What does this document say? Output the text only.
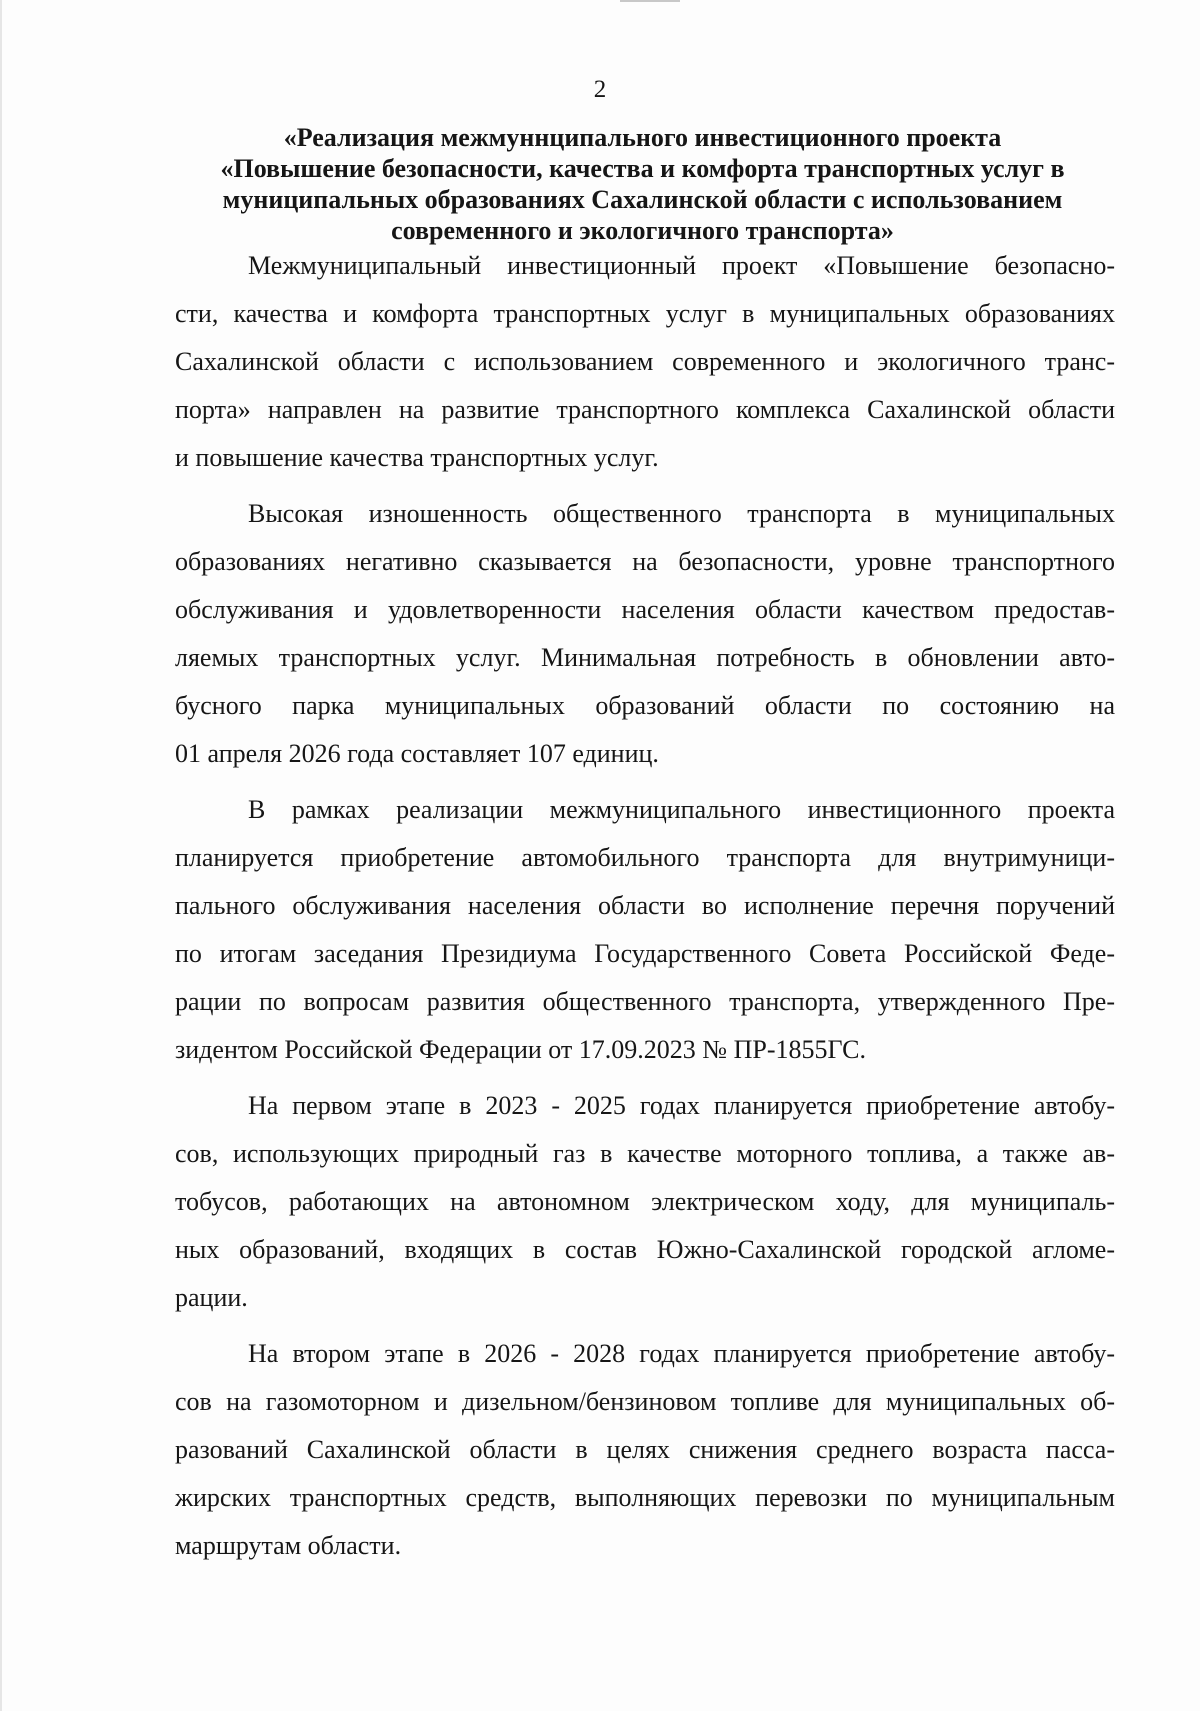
2
«Реализация межмуннципального инвестиционного проекта
«Повышение безопасности, качества и комфорта транспортных услуг в
муниципальных образованиях Сахалинской области с использованием
современного и экологичного транспорта»

Межмуниципальный инвестиционный проект «Повышение безопасно-
сти, качества и комфорта транспортных услуг в муниципальных образованиях
Сахалинской области с использованием современного и экологичного транс-
порта» направлен на развитие транспортного комплекса Сахалинской области
и повышение качества транспортных услуг.

Высокая изношенность общественного транспорта в муниципальных
образованиях негативно сказывается на безопасности, уровне транспортного
обслуживания и удовлетворенности населения области качеством предостав-
ляемых транспортных услуг. Минимальная потребность в обновлении авто-
бусного парка муниципальных образований области по состоянию на
01 апреля 2026 года составляет 107 единиц.

В рамках реализации межмуниципального инвестиционного проекта
планируется приобретение автомобильного транспорта для внутримуници-
пального обслуживания населения области во исполнение перечня поручений
по итогам заседания Президиума Государственного Совета Российской Феде-
рации по вопросам развития общественного транспорта, утвержденного Пре-
зидентом Российской Федерации от 17.09.2023 № ПР-1855ГС.

На первом этапе в 2023 - 2025 годах планируется приобретение автобу-
сов, использующих природный газ в качестве моторного топлива, а также ав-
тобусов, работающих на автономном электрическом ходу, для муниципаль-
ных образований, входящих в состав Южно-Сахалинской городской агломе-
рации.

На втором этапе в 2026 - 2028 годах планируется приобретение автобу-
сов на газомоторном и дизельном/бензиновом топливе для муниципальных об-
разований Сахалинской области в целях снижения среднего возраста пасса-
жирских транспортных средств, выполняющих перевозки по муниципальным
маршрутам области.
